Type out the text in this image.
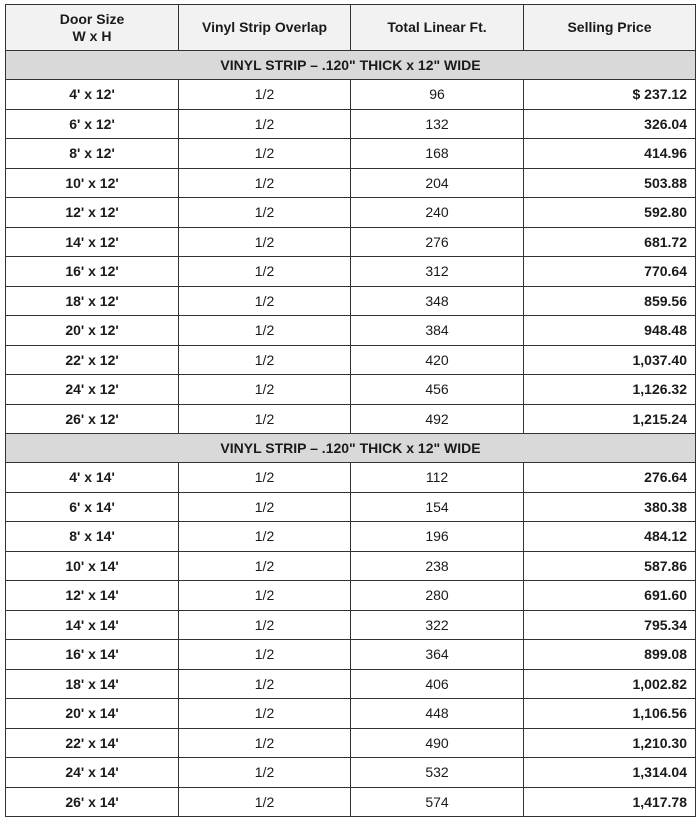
Door Size
W x H	Vinyl Strip Overlap	Total Linear Ft.	Selling Price
VINYL STRIP – .120" THICK x 12" WIDE			
4' x 12'	1/2	96	$ 237.12
6' x 12'	1/2	132	326.04
8' x 12'	1/2	168	414.96
10' x 12'	1/2	204	503.88
12' x 12'	1/2	240	592.80
14' x 12'	1/2	276	681.72
16' x 12'	1/2	312	770.64
18' x 12'	1/2	348	859.56
20' x 12'	1/2	384	948.48
22' x 12'	1/2	420	1,037.40
24' x 12'	1/2	456	1,126.32
26' x 12'	1/2	492	1,215.24
VINYL STRIP – .120" THICK x 12" WIDE			
4' x 14'	1/2	112	276.64
6' x 14'	1/2	154	380.38
8' x 14'	1/2	196	484.12
10' x 14'	1/2	238	587.86
12' x 14'	1/2	280	691.60
14' x 14'	1/2	322	795.34
16' x 14'	1/2	364	899.08
18' x 14'	1/2	406	1,002.82
20' x 14'	1/2	448	1,106.56
22' x 14'	1/2	490	1,210.30
24' x 14'	1/2	532	1,314.04
26' x 14'	1/2	574	1,417.78
